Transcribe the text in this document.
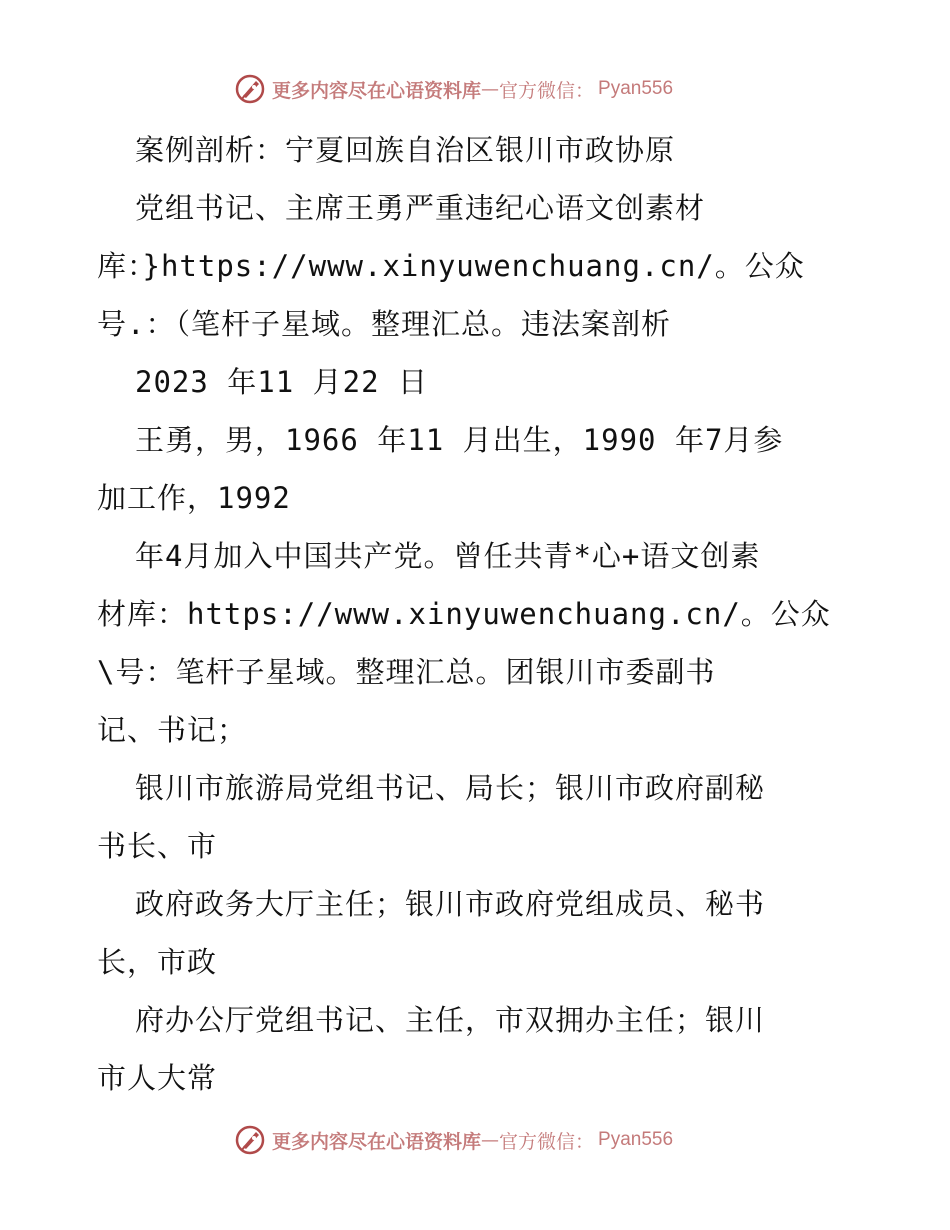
更多内容尽在心语资料库 — 官方微信： Pyan556
案例剖析：宁夏回族自治区银川市政协原
党组书记、主席王勇严重违纪心语文创素材
库：}https://www.xinyuwenchuang.cn/。公众
号.：（笔杆子星域。整理汇总。违法案剖析
2023 年11 月22 日
王勇，男，1966 年11 月出生，1990 年7月参
加工作，1992
年4月加入中国共产党。曾任共青*心+语文创素
材库：https://www.xinyuwenchuang.cn/。公众
\号：笔杆子星域。整理汇总。团银川市委副书
记、书记；
银川市旅游局党组书记、局长；银川市政府副秘
书长、市
政府政务大厅主任；银川市政府党组成员、秘书
长，市政
府办公厅党组书记、主任，市双拥办主任；银川
市人大常
更多内容尽在心语资料库 — 官方微信： Pyan556
